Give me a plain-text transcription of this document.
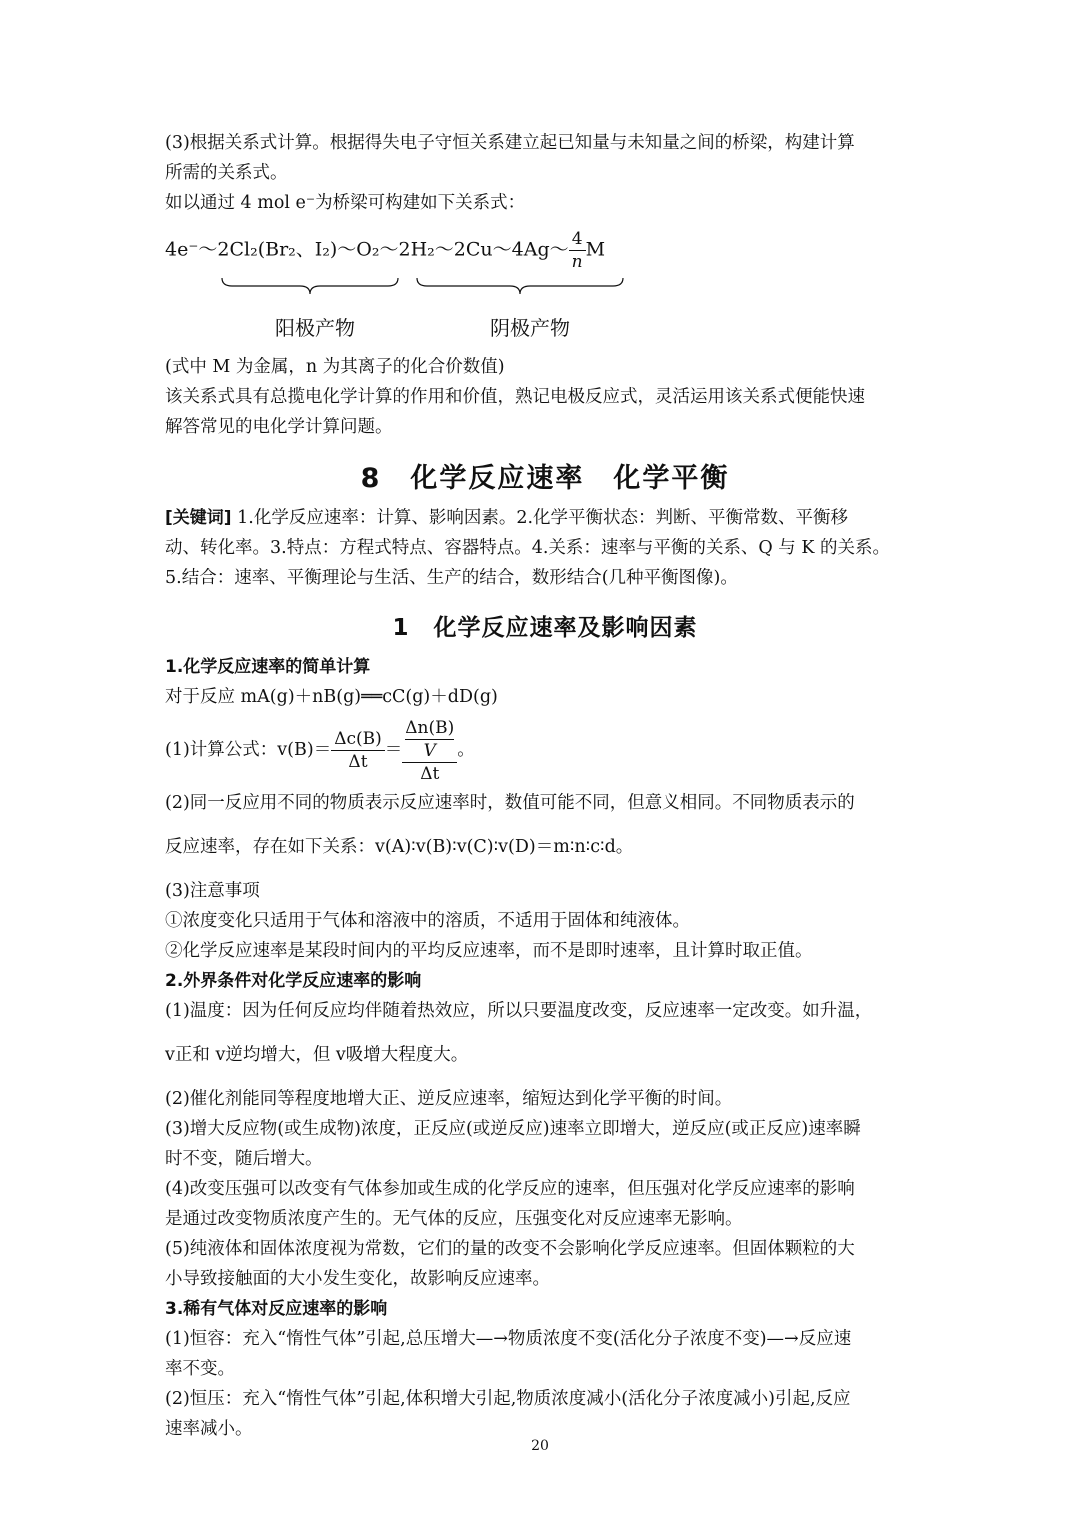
(3)根据关系式计算。根据得失电子守恒关系建立起已知量与未知量之间的桥梁，构建计算
所需的关系式。
如以通过 4 mol e⁻为桥梁可构建如下关系式：
4e⁻～2Cl₂(Br₂、I₂)～O₂～2H₂～2Cu～4Ag～ $\frac{4}{n}$ M
阳极产物	阴极产物
(式中 M 为金属，n 为其离子的化合价数值)
该关系式具有总揽电化学计算的作用和价值，熟记电极反应式，灵活运用该关系式便能快速
解答常见的电化学计算问题。
8　化学反应速率　化学平衡
[关键词] 1.化学反应速率：计算、影响因素。2.化学平衡状态：判断、平衡常数、平衡移
动、转化率。3.特点：方程式特点、容器特点。4.关系：速率与平衡的关系、Q 与 K 的关系。
5.结合：速率、平衡理论与生活、生产的结合，数形结合(几种平衡图像)。
1　化学反应速率及影响因素
1.化学反应速率的简单计算
对于反应 mA(g)＋nB(g)══cC(g)＋dD(g)
(1)计算公式：$v(B)= \frac{\Delta c(B)}{\Delta t} = \Delta n(B)$
V
Δt 。
(2)同一反应用不同的物质表示反应速率时，数值可能不同，但意义相同。不同物质表示的
反应速率，存在如下关系：v(A)∶v(B)∶v(C)∶v(D)＝m∶n∶c∶d。
(3)注意事项
①浓度变化只适用于气体和溶液中的溶质，不适用于固体和纯液体。
②化学反应速率是某段时间内的平均反应速率，而不是即时速率，且计算时取正值。
2.外界条件对化学反应速率的影响
(1)温度：因为任何反应均伴随着热效应，所以只要温度改变，反应速率一定改变。如升温，
v正和 v逆均增大，但 v吸增大程度大。
(2)催化剂能同等程度地增大正、逆反应速率，缩短达到化学平衡的时间。
(3)增大反应物(或生成物)浓度，正反应(或逆反应)速率立即增大，逆反应(或正反应)速率瞬
时不变，随后增大。
(4)改变压强可以改变有气体参加或生成的化学反应的速率，但压强对化学反应速率的影响
是通过改变物质浓度产生的。无气体的反应，压强变化对反应速率无影响。
(5)纯液体和固体浓度视为常数，它们的量的改变不会影响化学反应速率。但固体颗粒的大
小导致接触面的大小发生变化，故影响反应速率。
3.稀有气体对反应速率的影响
(1)恒容：充入“惰性气体”引起,总压增大—→物质浓度不变(活化分子浓度不变)—→反应速
率不变。
(2)恒压：充入“惰性气体”引起,体积增大引起,物质浓度减小(活化分子浓度减小)引起,反应
速率减小。
20
